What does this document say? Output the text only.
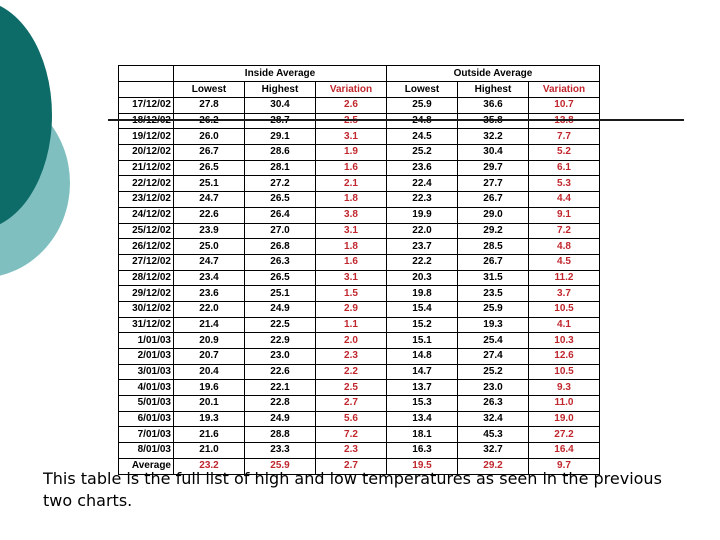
	Inside Average			Outside Average		
	Lowest	Highest	Variation	Lowest	Highest	Variation
17/12/02	27.8	30.4	2.6	25.9	36.6	10.7
18/12/02	26.2	28.7	2.5	24.8	35.8	13.8
19/12/02	26.0	29.1	3.1	24.5	32.2	7.7
20/12/02	26.7	28.6	1.9	25.2	30.4	5.2
21/12/02	26.5	28.1	1.6	23.6	29.7	6.1
22/12/02	25.1	27.2	2.1	22.4	27.7	5.3
23/12/02	24.7	26.5	1.8	22.3	26.7	4.4
24/12/02	22.6	26.4	3.8	19.9	29.0	9.1
25/12/02	23.9	27.0	3.1	22.0	29.2	7.2
26/12/02	25.0	26.8	1.8	23.7	28.5	4.8
27/12/02	24.7	26.3	1.6	22.2	26.7	4.5
28/12/02	23.4	26.5	3.1	20.3	31.5	11.2
29/12/02	23.6	25.1	1.5	19.8	23.5	3.7
30/12/02	22.0	24.9	2.9	15.4	25.9	10.5
31/12/02	21.4	22.5	1.1	15.2	19.3	4.1
1/01/03	20.9	22.9	2.0	15.1	25.4	10.3
2/01/03	20.7	23.0	2.3	14.8	27.4	12.6
3/01/03	20.4	22.6	2.2	14.7	25.2	10.5
4/01/03	19.6	22.1	2.5	13.7	23.0	9.3
5/01/03	20.1	22.8	2.7	15.3	26.3	11.0
6/01/03	19.3	24.9	5.6	13.4	32.4	19.0
7/01/03	21.6	28.8	7.2	18.1	45.3	27.2
8/01/03	21.0	23.3	2.3	16.3	32.7	16.4
Average	23.2	25.9	2.7	19.5	29.2	9.7
This table is the full list of high and low temperatures as seen in the previous two charts.
